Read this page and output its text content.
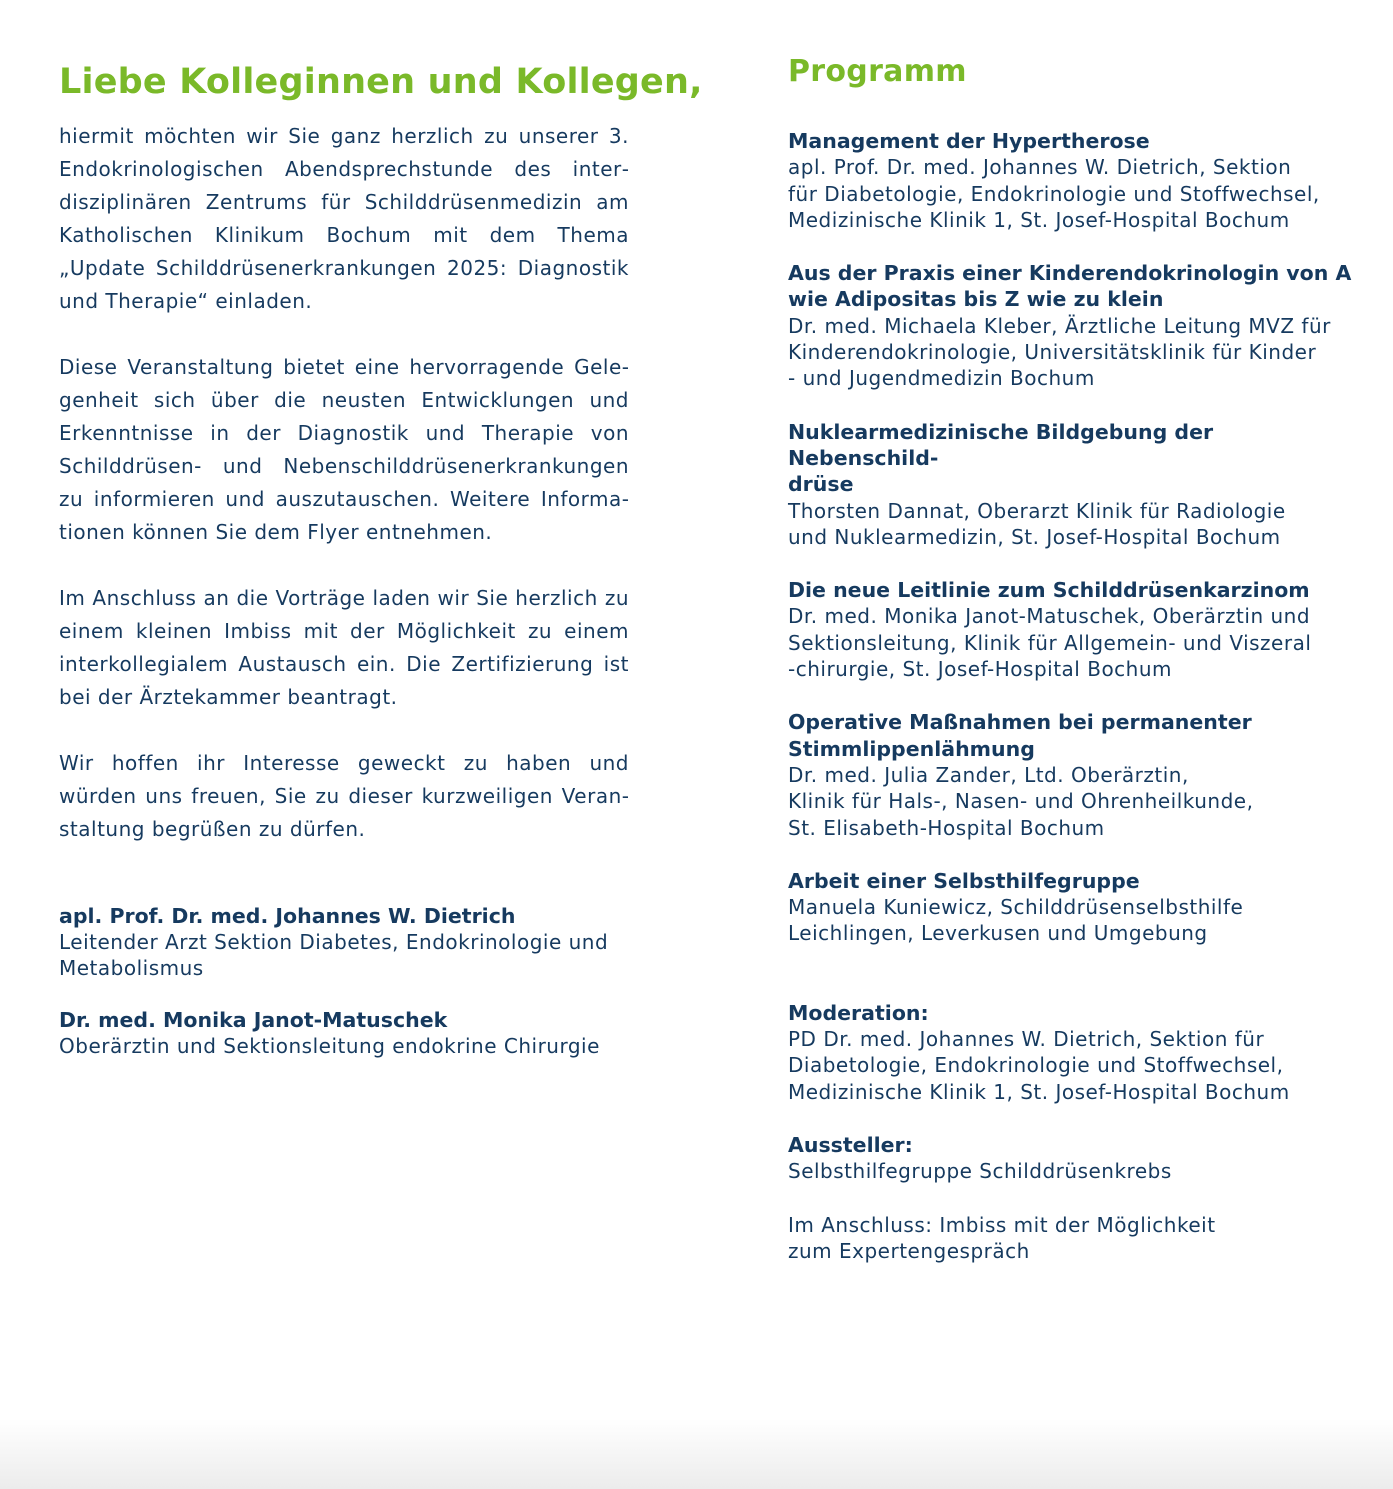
Liebe Kolleginnen und Kollegen,

hiermit möchten wir Sie ganz herzlich zu unserer 3. Endokrinologischen Abendsprechstunde des interdisziplinären Zentrums für Schilddrüsenmedizin am Katholischen Klinikum Bochum mit dem Thema „Update Schilddrüsenerkrankungen 2025: Diagnostik und Therapie“ einladen.

Diese Veranstaltung bietet eine hervorragende Gelegenheit sich über die neusten Entwicklungen und Erkenntnisse in der Diagnostik und Therapie von Schilddrüsen- und Nebenschilddrüsenerkrankungen zu informieren und auszutauschen. Weitere Informationen können Sie dem Flyer entnehmen.

Im Anschluss an die Vorträge laden wir Sie herzlich zu einem kleinen Imbiss mit der Möglichkeit zu einem interkollegialem Austausch ein. Die Zertifizierung ist bei der Ärztekammer beantragt.

Wir hoffen ihr Interesse geweckt zu haben und würden uns freuen, Sie zu dieser kurzweiligen Veranstaltung begrüßen zu dürfen.

apl. Prof. Dr. med. Johannes W. Dietrich
Leitender Arzt Sektion Diabetes, Endokrinologie und Metabolismus
Dr. med. Monika Janot-Matuschek
Oberärztin und Sektionsleitung endokrine Chirurgie
Programm
Management der Hypertherose
apl. Prof. Dr. med. Johannes W. Dietrich, Sektion
für Diabetologie, Endokrinologie und Stoffwechsel,
Medizinische Klinik 1, St. Josef-Hospital Bochum
Aus der Praxis einer Kinderendokrinologin von A
wie Adipositas bis Z wie zu klein
Dr. med. Michaela Kleber, Ärztliche Leitung MVZ für
Kinderendokrinologie, Universitätsklinik für Kinder
- und Jugendmedizin Bochum
Nuklearmedizinische Bildgebung der Nebenschild-
drüse
Thorsten Dannat, Oberarzt Klinik für Radiologie
und Nuklearmedizin, St. Josef-Hospital Bochum
Die neue Leitlinie zum Schilddrüsenkarzinom
Dr. med. Monika Janot-Matuschek, Oberärztin und
Sektionsleitung, Klinik für Allgemein- und Viszeral
-chirurgie, St. Josef-Hospital Bochum
Operative Maßnahmen bei permanenter
Stimmlippenlähmung
Dr. med. Julia Zander, Ltd. Oberärztin,
Klinik für Hals-, Nasen- und Ohrenheilkunde,
St. Elisabeth-Hospital Bochum
Arbeit einer Selbsthilfegruppe
Manuela Kuniewicz, Schilddrüsenselbsthilfe
Leichlingen, Leverkusen und Umgebung
Moderation:
PD Dr. med. Johannes W. Dietrich, Sektion für
Diabetologie, Endokrinologie und Stoffwechsel,
Medizinische Klinik 1, St. Josef-Hospital Bochum
Aussteller:
Selbsthilfegruppe Schilddrüsenkrebs
Im Anschluss: Imbiss mit der Möglichkeit
zum Expertengespräch
